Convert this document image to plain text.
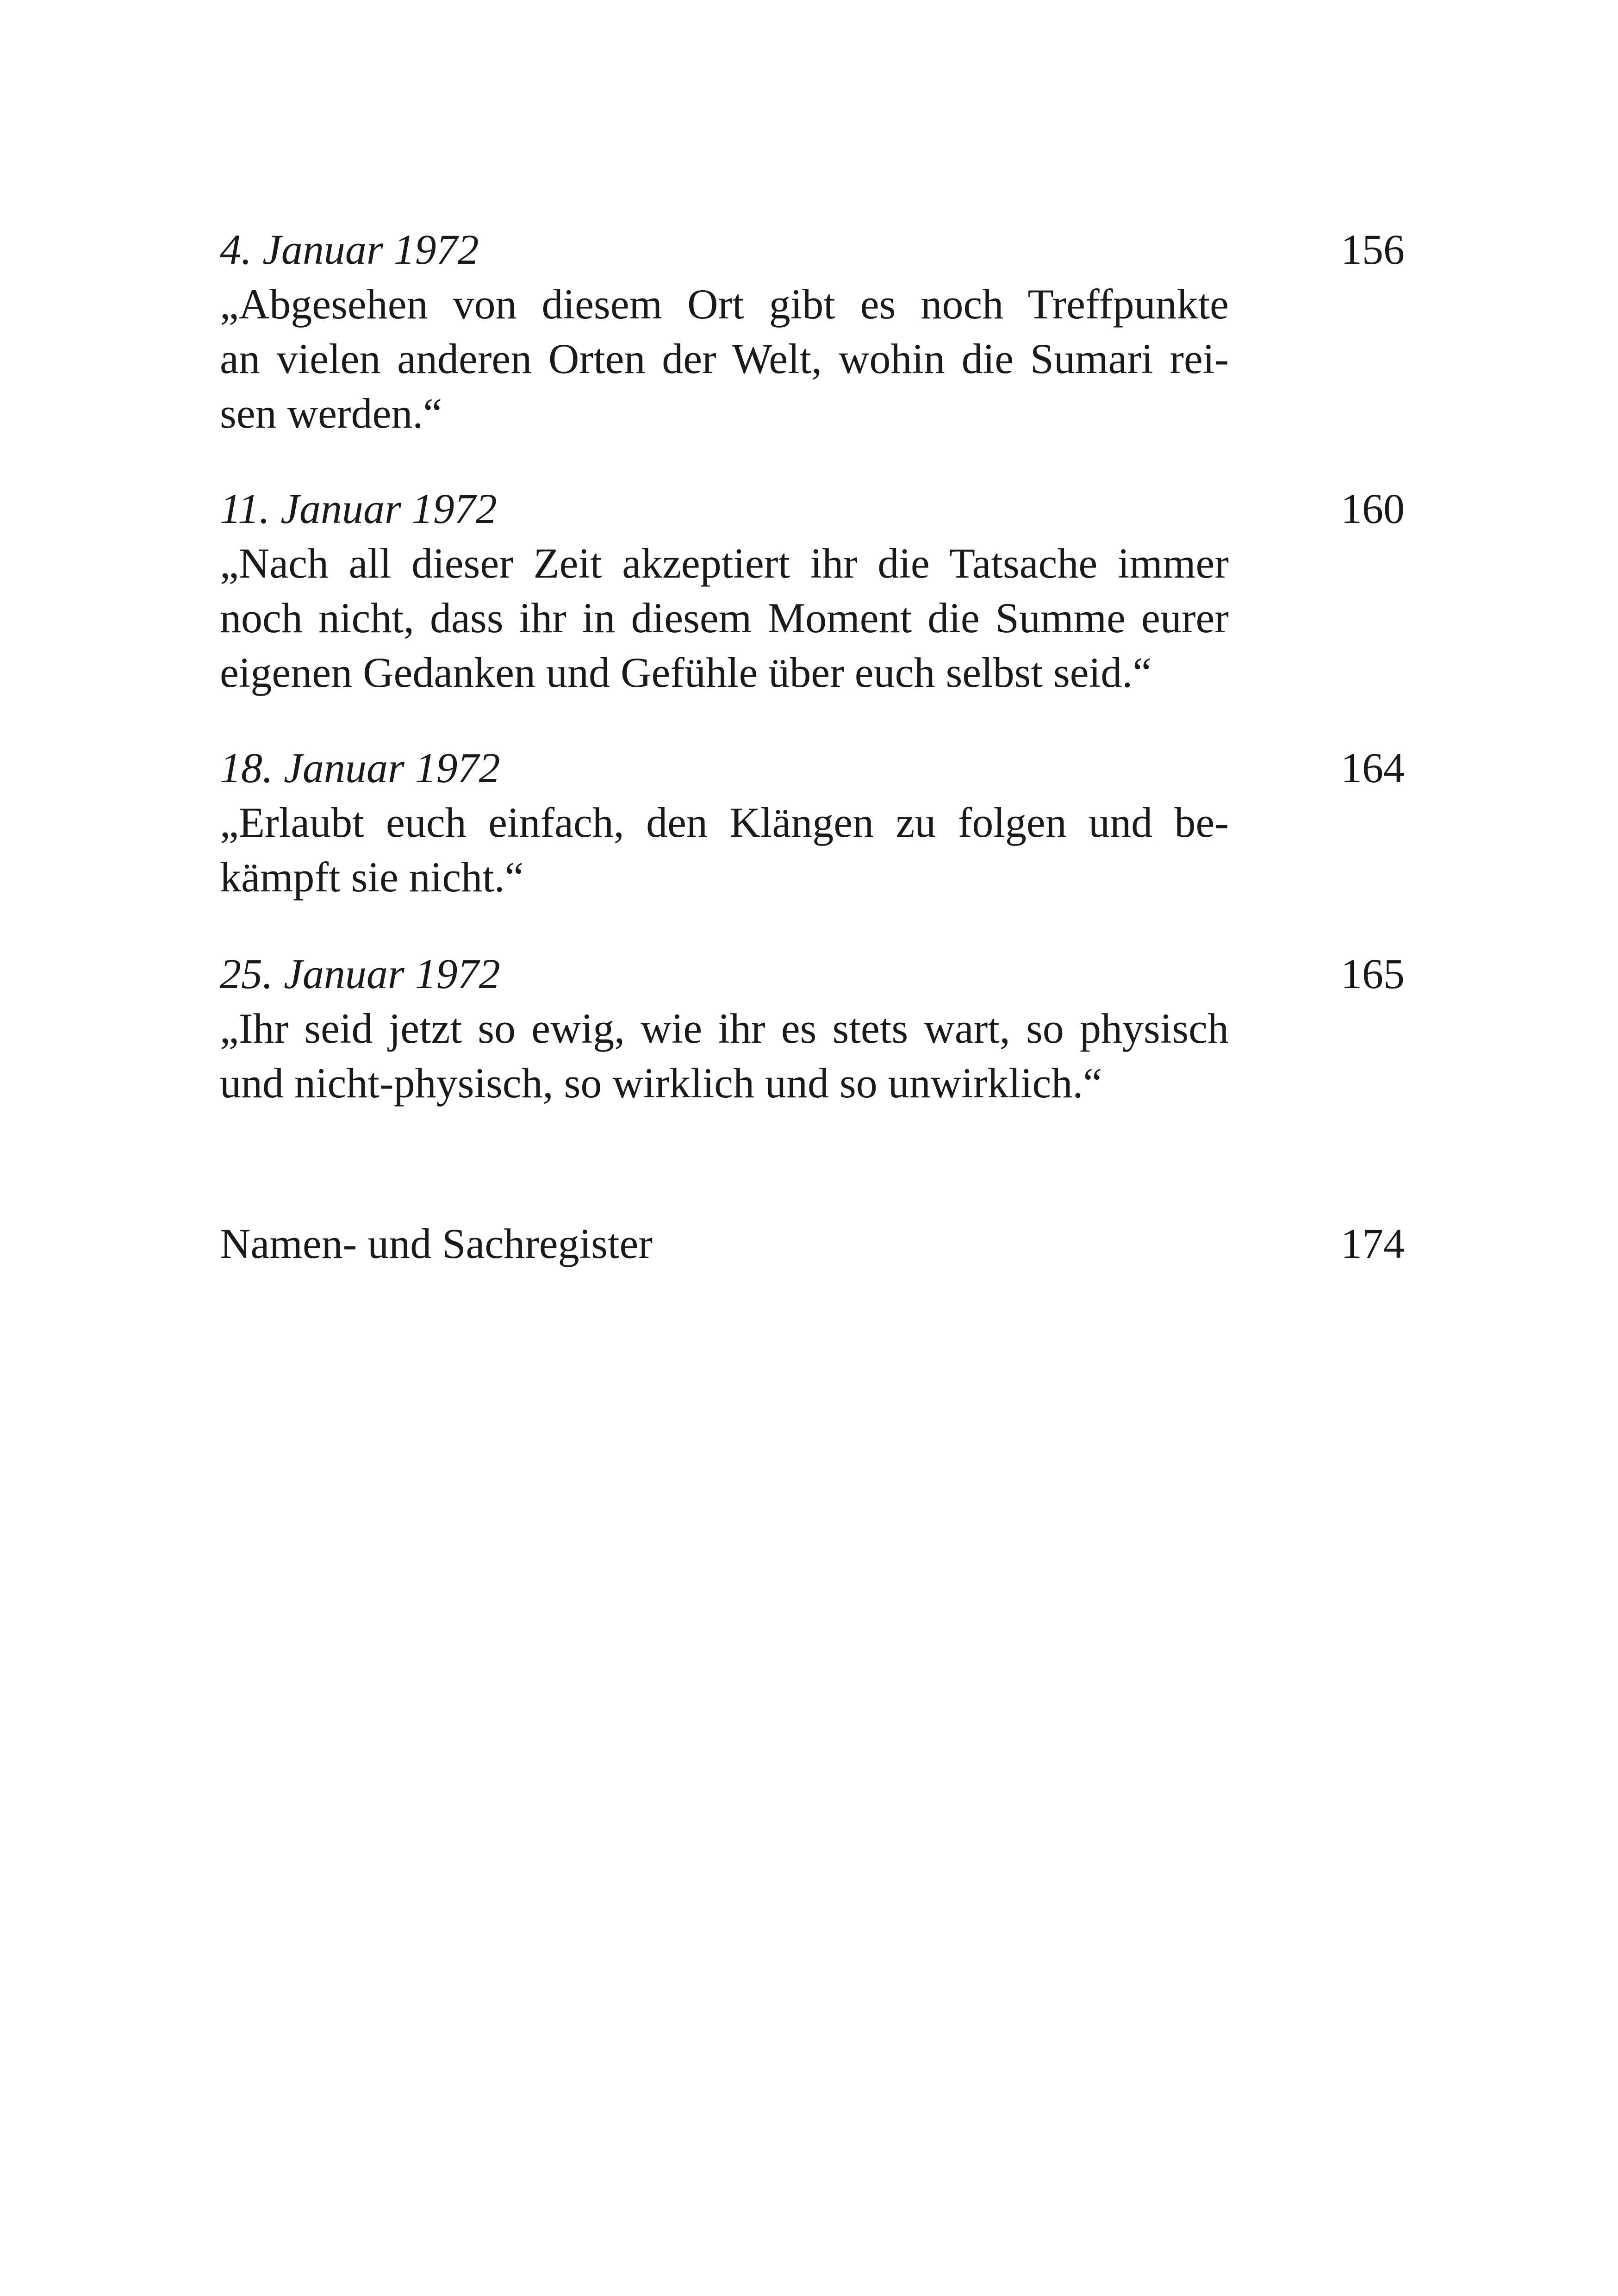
4. Januar 1972	156
„Abgesehen von diesem Ort gibt es noch Treffpunkte
an vielen anderen Orten der Welt, wohin die Sumari rei-
sen werden.“
11. Januar 1972	160
„Nach all dieser Zeit akzeptiert ihr die Tatsache immer
noch nicht, dass ihr in diesem Moment die Summe eurer
eigenen Gedanken und Gefühle über euch selbst seid.“
18. Januar 1972	164
„Erlaubt euch einfach, den Klängen zu folgen und be-
kämpft sie nicht.“
25. Januar 1972	165
„Ihr seid jetzt so ewig, wie ihr es stets wart, so physisch
und nicht-physisch, so wirklich und so unwirklich.“
Namen- und Sachregister	174
